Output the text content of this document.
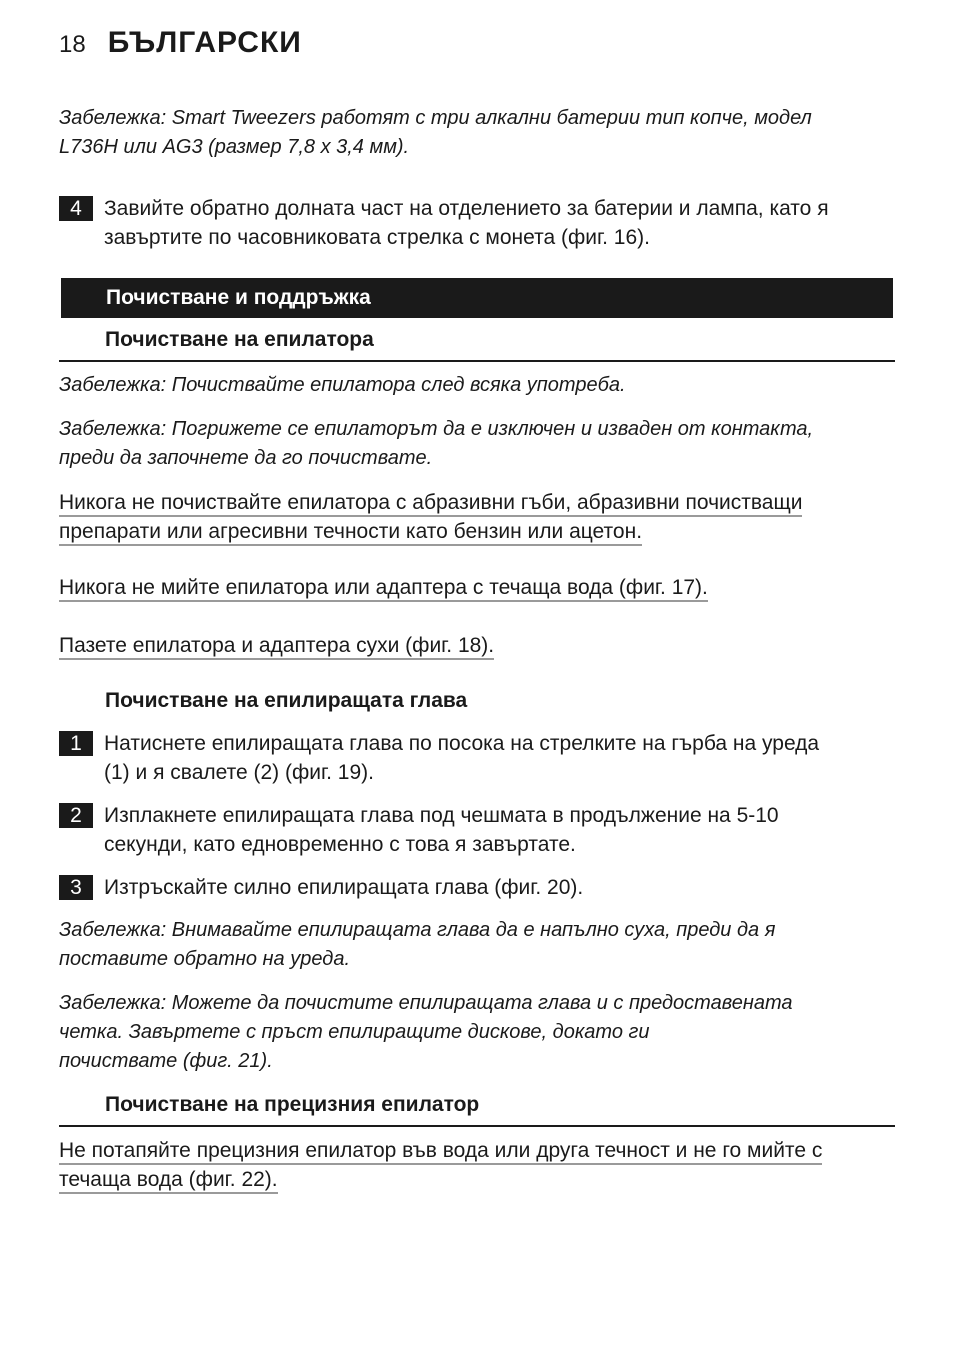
18 БЪЛГАРСКИ

Забележка: Smart Tweezers работят с три алкални батерии тип копче, модел

L736H или AG3 (размер 7,8 x 3,4 мм).

4	Завийте обратно долната част на отделението за батерии и лампа, като я
завъртите по часовниковата стрелка с монета (фиг. 16).
Почистване и поддръжка
Почистване на епилатора

Забележка: Почиствайте епилатора след всяка употреба.

Забележка: Погрижете се епилаторът да е изключен и изваден от контакта,

преди да започнете да го почиствате.

Никога не почиствайте епилатора с абразивни гъби, абразивни почистващи
препарати или агресивни течности като бензин или ацетон.
Никога не мийте епилатора или адаптера с течаща вода (фиг. 17).
Пазете епилатора и адаптера сухи (фиг. 18).
Почистване на епилиращата глава
1	Натиснете епилиращата глава по посока на стрелките на гърба на уреда
(1) и я свалете (2) (фиг. 19).
2	Изплакнете епилиращата глава под чешмата в продължение на 5-10
секунди, като едновременно с това я завъртате.
3	Изтръскайте силно епилиращата глава (фиг. 20).

Забележка: Внимавайте епилиращата глава да е напълно суха, преди да я

поставите обратно на уреда.

Забележка: Можете да почистите епилиращата глава и с предоставената

четка. Завъртете с пръст епилиращите дискове, докато ги

почиствате (фиг. 21).

Почистване на прецизния епилатор
Не потапяйте прецизния епилатор във вода или друга течност и не го мийте с
течаща вода (фиг. 22).
